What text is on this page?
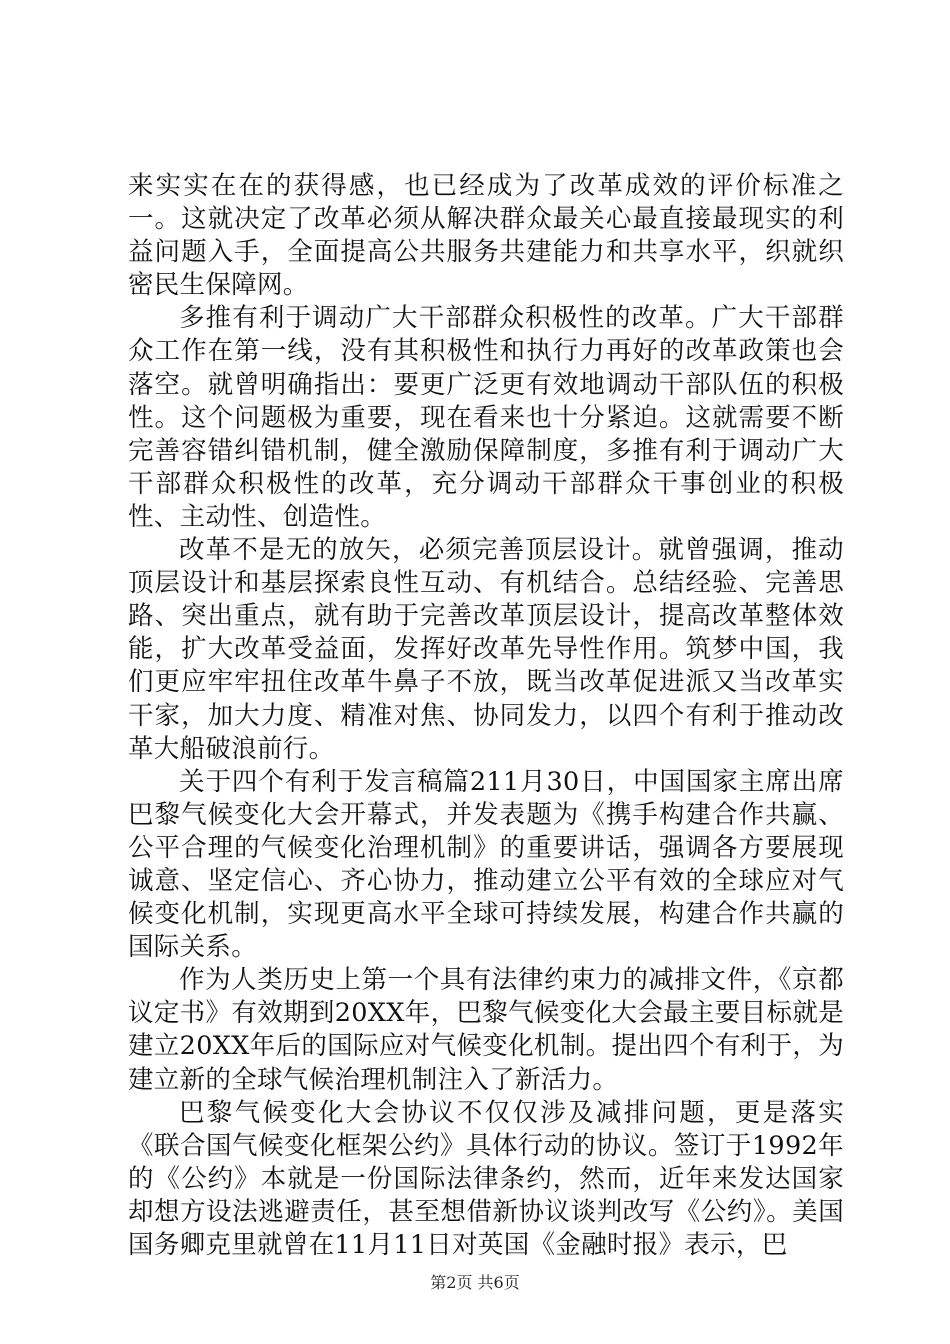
来实实在在的获得感，也已经成为了改革成效的评价标准之一。这就决定了改革必须从解决群众最关心最直接最现实的利益问题入手，全面提高公共服务共建能力和共享水平，织就织密民生保障网。

多推有利于调动广大干部群众积极性的改革。广大干部群众工作在第一线，没有其积极性和执行力再好的改革政策也会落空。就曾明确指出：要更广泛更有效地调动干部队伍的积极性。这个问题极为重要，现在看来也十分紧迫。这就需要不断完善容错纠错机制，健全激励保障制度，多推有利于调动广大干部群众积极性的改革，充分调动干部群众干事创业的积极性、主动性、创造性。

改革不是无的放矢，必须完善顶层设计。就曾强调，推动顶层设计和基层探索良性互动、有机结合。总结经验、完善思路、突出重点，就有助于完善改革顶层设计，提高改革整体效能，扩大改革受益面，发挥好改革先导性作用。筑梦中国，我们更应牢牢扭住改革牛鼻子不放，既当改革促进派又当改革实干家，加大力度、精准对焦、协同发力，以四个有利于推动改革大船破浪前行。

关于四个有利于发言稿篇211月30日，中国国家主席出席巴黎气候变化大会开幕式，并发表题为《携手构建合作共赢、公平合理的气候变化治理机制》的重要讲话，强调各方要展现诚意、坚定信心、齐心协力，推动建立公平有效的全球应对气候变化机制，实现更高水平全球可持续发展，构建合作共赢的国际关系。

作为人类历史上第一个具有法律约束力的减排文件，《京都议定书》有效期到20XX年，巴黎气候变化大会最主要目标就是建立20XX年后的国际应对气候变化机制。提出四个有利于，为建立新的全球气候治理机制注入了新活力。

巴黎气候变化大会协议不仅仅涉及减排问题，更是落实《联合国气候变化框架公约》具体行动的协议。签订于1992年的《公约》本就是一份国际法律条约，然而，近年来发达国家却想方设法逃避责任，甚至想借新协议谈判改写《公约》。美国国务卿克里就曾在11月11日对英国《金融时报》表示，巴

第2页 共6页
